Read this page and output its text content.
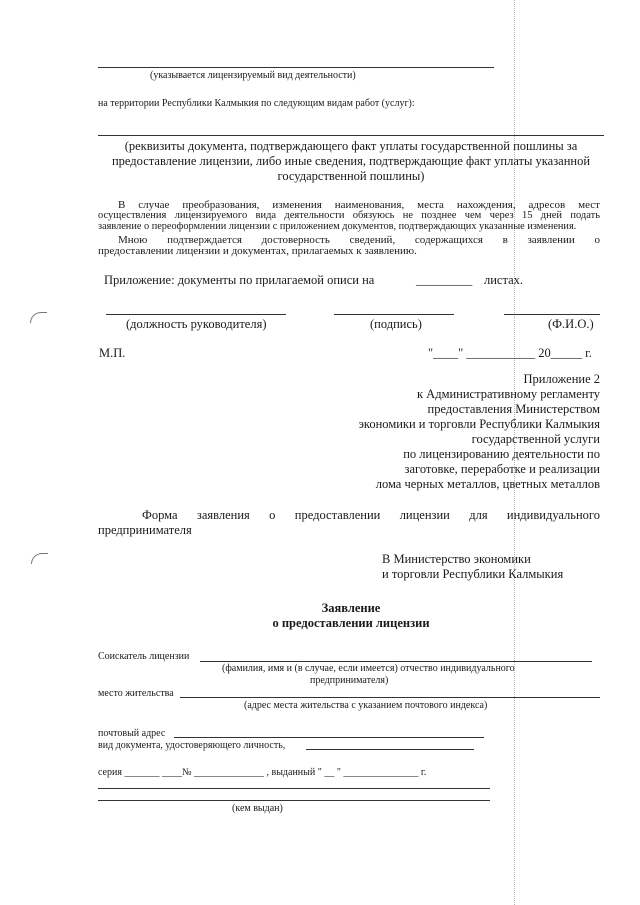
(указывается лицензируемый вид деятельности)
на территории Республики Калмыкия по следующим видам работ (услуг):
(реквизиты документа, подтверждающего факт уплаты государственной пошлины за
предоставление лицензии, либо иные сведения, подтверждающие факт уплаты указанной
государственной пошлины)
В случае преобразования, изменения наименования, места нахождения, адресов мест
осуществления лицензируемого вида деятельности обязуюсь не позднее чем через 15 дней подать
заявление о переоформлении лицензии с приложением документов, подтверждающих указанные изменения.
Мною подтверждается достоверность сведений, содержащихся в заявлении о
предоставлении лицензии и документах, прилагаемых к заявлению.
Приложение: документы по прилагаемой описи на	_________ листах.
(должность руководителя)	(подпись)	(Ф.И.О.)
М.П.	"____" ___________ 20_____ г.
Приложение 2
к Административному регламенту
предоставления Министерством
экономики и торговли Республики Калмыкия
государственной услуги
по лицензированию деятельности по
заготовке, переработке и реализации
лома черных металлов, цветных металлов
Форма заявления о предоставлении лицензии для индивидуального
предпринимателя
В Министерство экономики
и торговли Республики Калмыкия
Заявление
о предоставлении лицензии
Соискатель лицензии
(фамилия, имя и (в случае, если имеется) отчество индивидуального
предпринимателя)
место жительства
(адрес места жительства с указанием почтового индекса)
почтовый адрес
вид документа, удостоверяющего личность,
серия _______ ____№ ______________ , выданный " __ " _______________ г.
(кем выдан)
